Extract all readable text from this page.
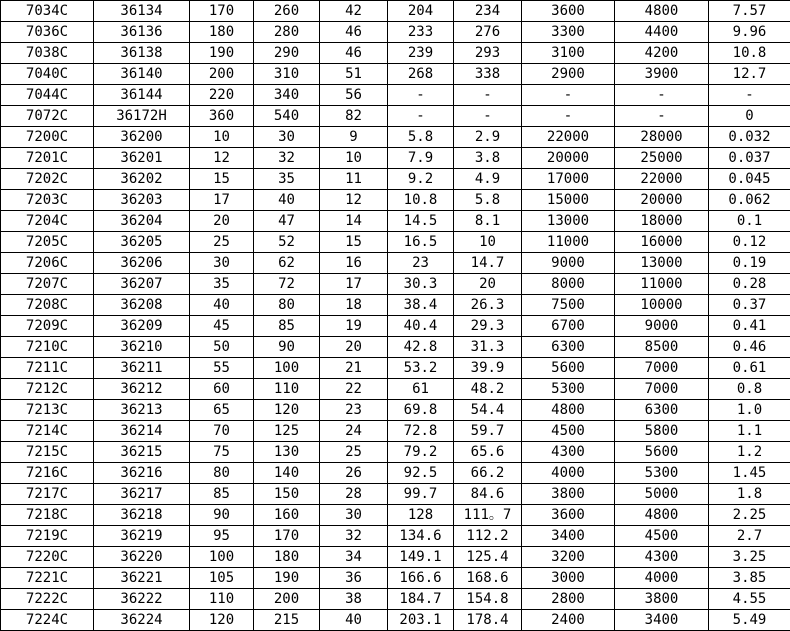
7034C	36134	170	260	42	204	234	3600	4800	7.57
7036C	36136	180	280	46	233	276	3300	4400	9.96
7038C	36138	190	290	46	239	293	3100	4200	10.8
7040C	36140	200	310	51	268	338	2900	3900	12.7
7044C	36144	220	340	56	-	-	-	-	-
7072C	36172H	360	540	82	-	-	-	-	0
7200C	36200	10	30	9	5.8	2.9	22000	28000	0.032
7201C	36201	12	32	10	7.9	3.8	20000	25000	0.037
7202C	36202	15	35	11	9.2	4.9	17000	22000	0.045
7203C	36203	17	40	12	10.8	5.8	15000	20000	0.062
7204C	36204	20	47	14	14.5	8.1	13000	18000	0.1
7205C	36205	25	52	15	16.5	10	11000	16000	0.12
7206C	36206	30	62	16	23	14.7	9000	13000	0.19
7207C	36207	35	72	17	30.3	20	8000	11000	0.28
7208C	36208	40	80	18	38.4	26.3	7500	10000	0.37
7209C	36209	45	85	19	40.4	29.3	6700	9000	0.41
7210C	36210	50	90	20	42.8	31.3	6300	8500	0.46
7211C	36211	55	100	21	53.2	39.9	5600	7000	0.61
7212C	36212	60	110	22	61	48.2	5300	7000	0.8
7213C	36213	65	120	23	69.8	54.4	4800	6300	1.0
7214C	36214	70	125	24	72.8	59.7	4500	5800	1.1
7215C	36215	75	130	25	79.2	65.6	4300	5600	1.2
7216C	36216	80	140	26	92.5	66.2	4000	5300	1.45
7217C	36217	85	150	28	99.7	84.6	3800	5000	1.8
7218C	36218	90	160	30	128	111。7	3600	4800	2.25
7219C	36219	95	170	32	134.6	112.2	3400	4500	2.7
7220C	36220	100	180	34	149.1	125.4	3200	4300	3.25
7221C	36221	105	190	36	166.6	168.6	3000	4000	3.85
7222C	36222	110	200	38	184.7	154.8	2800	3800	4.55
7224C	36224	120	215	40	203.1	178.4	2400	3400	5.49
